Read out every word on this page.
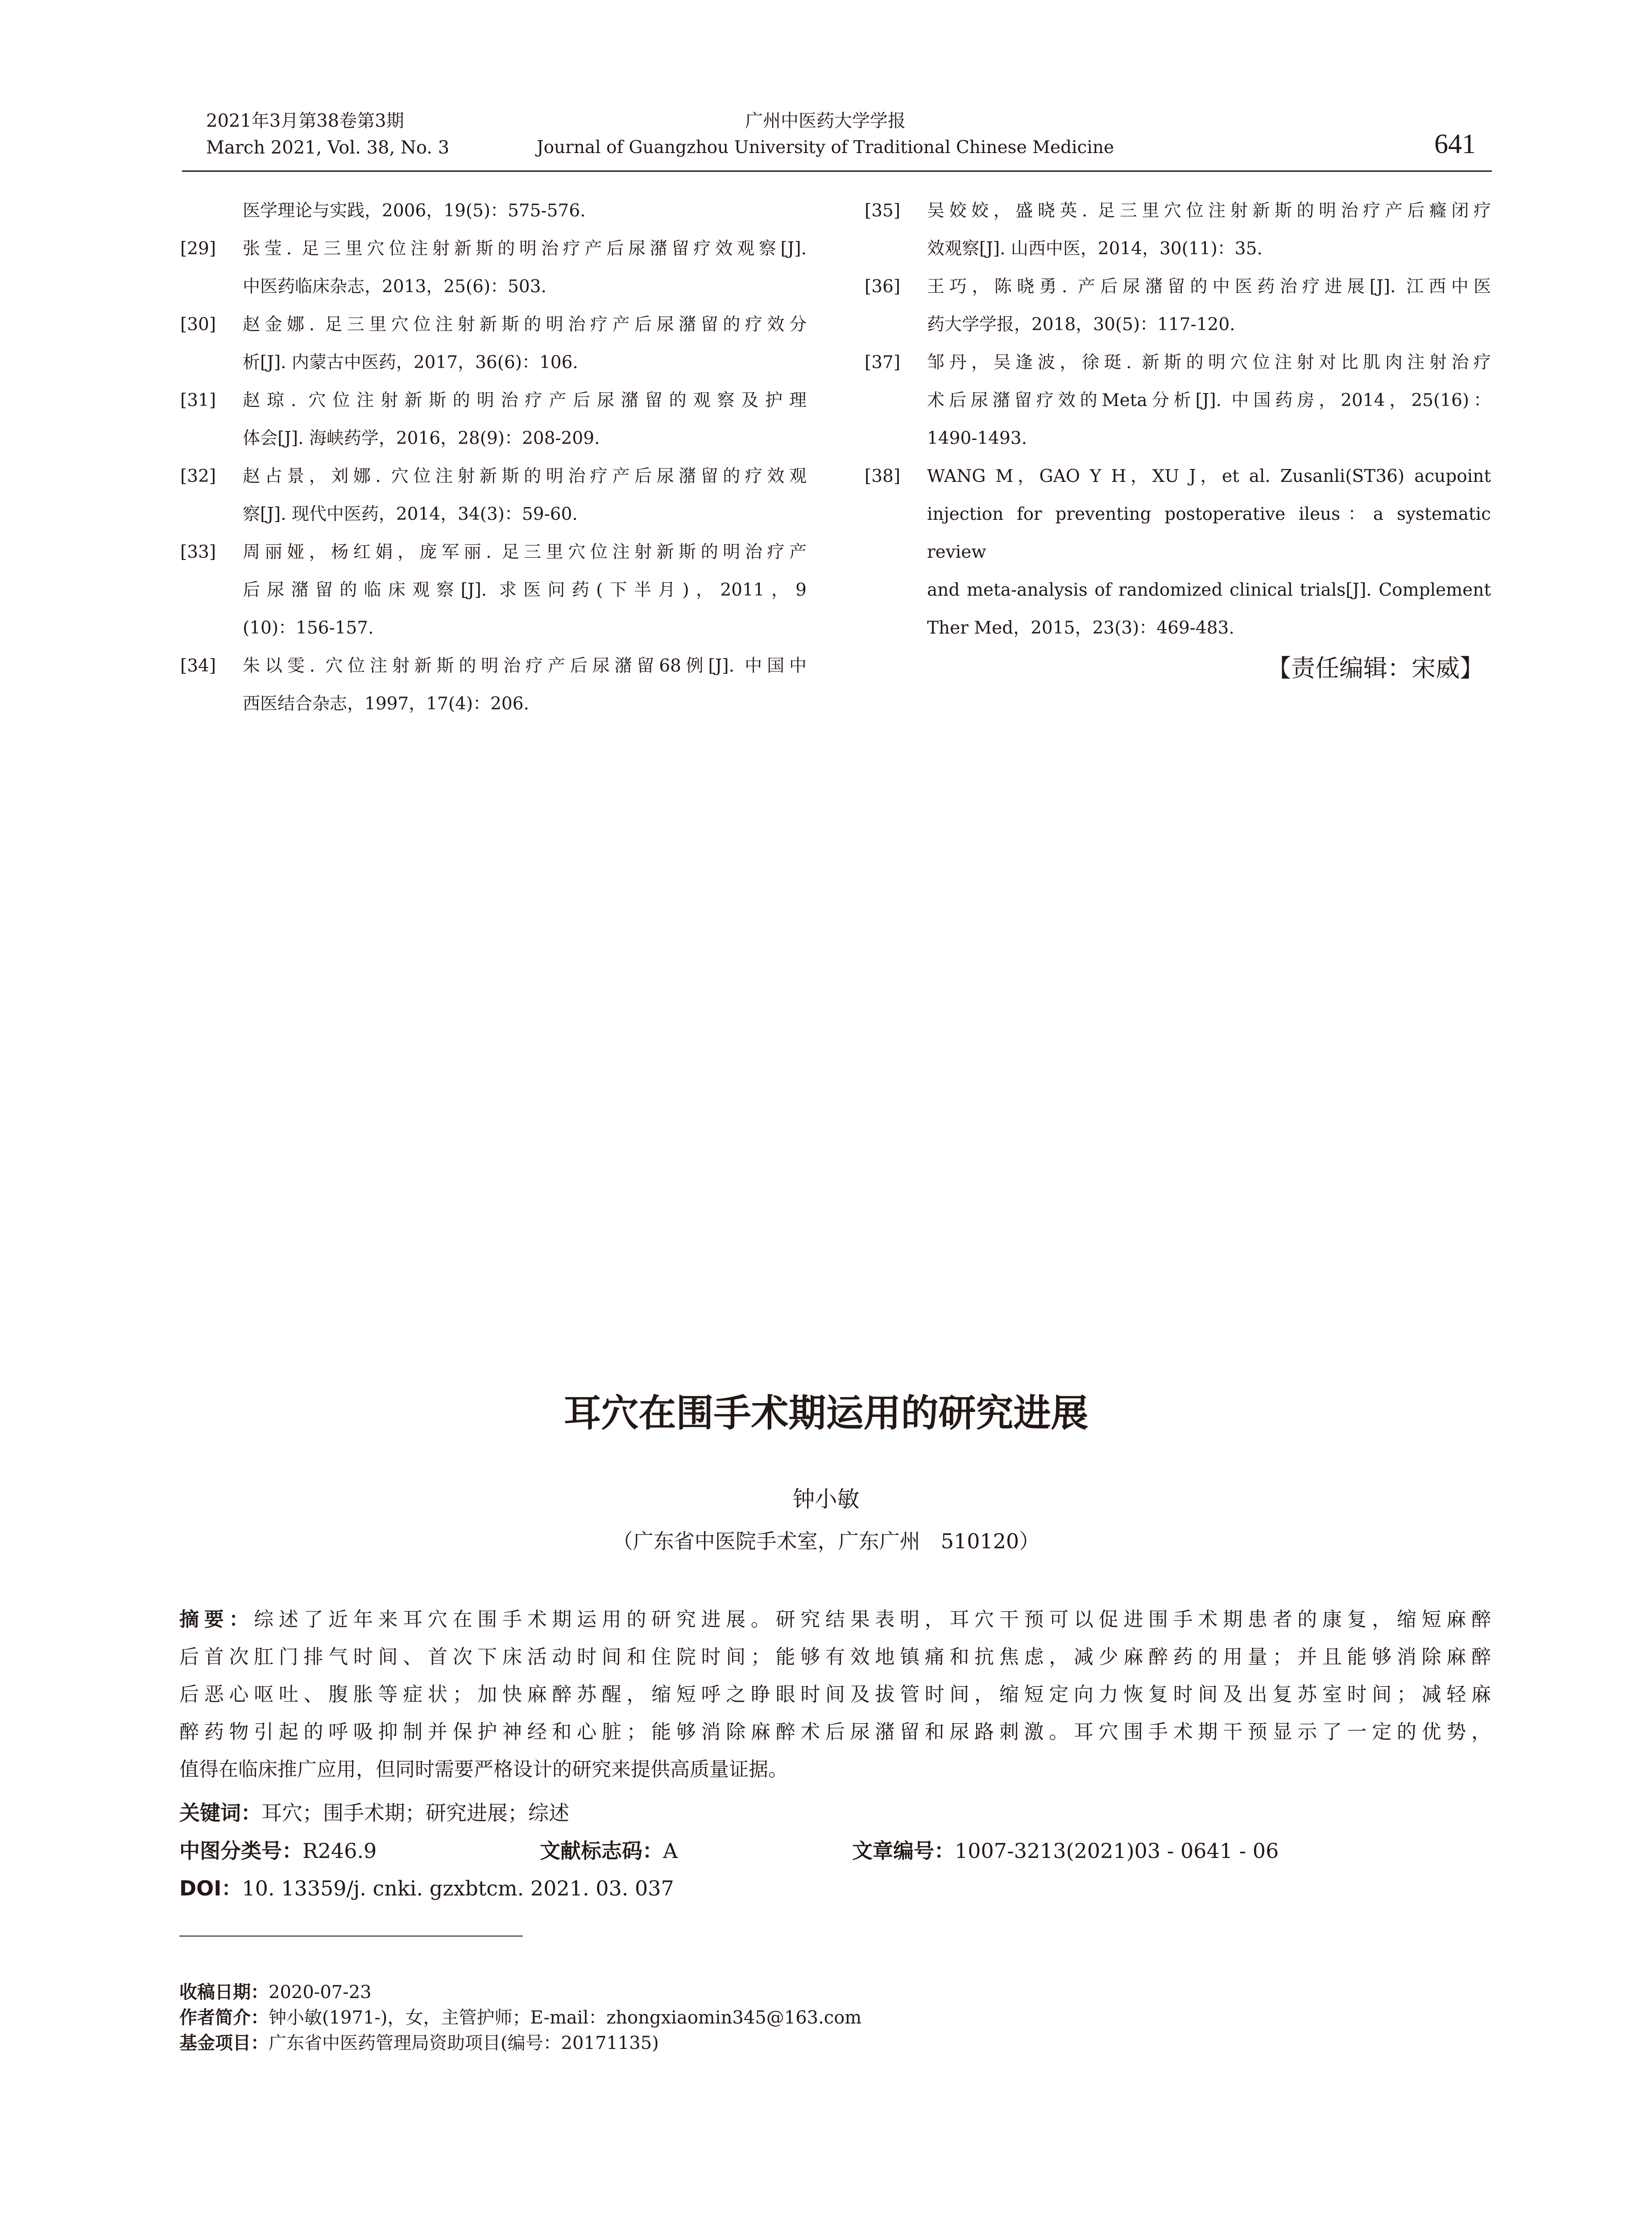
2021年3月第38卷第3期
March 2021, Vol. 38, No. 3
广州中医药大学学报
Journal of Guangzhou University of Traditional Chinese Medicine	641
医学理论与实践，2006，19(5)：575-576.
[29] 张莹. 足三里穴位注射新斯的明治疗产后尿潴留疗效观察[J].
中医药临床杂志，2013，25(6)：503.
[30] 赵金娜. 足三里穴位注射新斯的明治疗产后尿潴留的疗效分
析[J]. 内蒙古中医药，2017，36(6)：106.
[31] 赵琼. 穴位注射新斯的明治疗产后尿潴留的观察及护理
体会[J]. 海峡药学，2016，28(9)：208-209.
[32] 赵占景，刘娜. 穴位注射新斯的明治疗产后尿潴留的疗效观
察[J]. 现代中医药，2014，34(3)：59-60.
[33] 周丽娅，杨红娟，庞军丽. 足三里穴位注射新斯的明治疗产
后尿潴留的临床观察[J]. 求医问药(下半月)，2011，9
(10)：156-157.
[34] 朱以雯. 穴位注射新斯的明治疗产后尿潴留68例[J]. 中国中
西医结合杂志，1997，17(4)：206.
[35] 吴姣姣，盛晓英. 足三里穴位注射新斯的明治疗产后癃闭疗
效观察[J]. 山西中医，2014，30(11)：35.
[36] 王巧，陈晓勇. 产后尿潴留的中医药治疗进展[J]. 江西中医
药大学学报，2018，30(5)：117-120.
[37] 邹丹，吴逢波，徐珽. 新斯的明穴位注射对比肌肉注射治疗
术后尿潴留疗效的Meta分析[J]. 中国药房，2014，25(16)：
1490-1493.
[38] WANG M，GAO Y H，XU J，et al. Zusanli(ST36) acupoint
injection for preventing postoperative ileus：a systematic review
and meta-analysis of randomized clinical trials[J]. Complement
Ther Med，2015，23(3)：469-483.
【责任编辑：宋威】
耳穴在围手术期运用的研究进展
钟小敏
（广东省中医院手术室，广东广州　510120）
摘要：综述了近年来耳穴在围手术期运用的研究进展。研究结果表明，耳穴干预可以促进围手术期患者的康复，缩短麻醉
后首次肛门排气时间、首次下床活动时间和住院时间；能够有效地镇痛和抗焦虑，减少麻醉药的用量；并且能够消除麻醉
后恶心呕吐、腹胀等症状；加快麻醉苏醒，缩短呼之睁眼时间及拔管时间，缩短定向力恢复时间及出复苏室时间；减轻麻
醉药物引起的呼吸抑制并保护神经和心脏；能够消除麻醉术后尿潴留和尿路刺激。耳穴围手术期干预显示了一定的优势，
值得在临床推广应用，但同时需要严格设计的研究来提供高质量证据。
关键词：耳穴；围手术期；研究进展；综述
中图分类号：R246.9	文献标志码：A	文章编号：1007-3213(2021)03 - 0641 - 06
DOI：10. 13359/j. cnki. gzxbtcm. 2021. 03. 037
收稿日期：2020-07-23
作者简介：钟小敏(1971-)，女，主管护师；E-mail：zhongxiaomin345@163.com
基金项目：广东省中医药管理局资助项目(编号：20171135)
